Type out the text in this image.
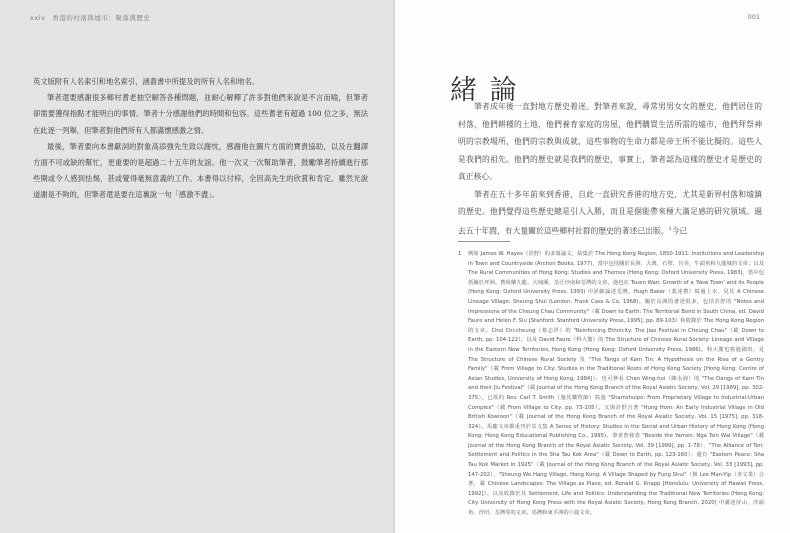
xxiv　香港的村落與墟市：聚落與歷史

英文版附有人名索引和地名索引，涵蓋書中所提及的所有人名和地名。

筆者還要感謝很多鄉村耆老抽空解答各種問題，並耐心解釋了許多對他們來說是不言而喻，但筆者卻需要獲得指點才能明白的事情。筆者十分感謝他們的時間和包容。這些耆老有超過 100 位之多，無法在此逐一列舉，但筆者對他們所有人都滿懷感激之情。

最後，筆者要向本書獻詞的對象高添強先生致以謝忱，感謝他在圖片方面的寶貴協助，以及在翻譯方面不可或缺的幫忙，更重要的是超過二十五年的友誼。他一次又一次幫助筆者，鼓勵筆者持續進行那些開或令人感到怯惕，甚或覺得毫無意義的工作。本書得以付梓，全因高先生的欣賞和肯定。雖然光說道謝是不夠的，但筆者還是要在這裏說一句「感激不盡」。

001
緒 論

筆者成年後一直對地方歷史着迷。對筆者來說，尋常男男女女的歷史，他們居住的村落，他們耕種的土地，他們養育家庭的房屋，他們購買生活所需的墟市，他們拜祭神明的宗教場所，他們的宗教與成就，這些事物的生命力都是帝王所不能比擬的。這些人是我們的祖先。他們的歷史就是我們的歷史，事實上，筆者認為這樣的歷史才是歷史的真正核心。

筆者在五十多年前來到香港，自此一直研究香港的地方史，尤其是新界村落和墟鎮的歷史。他們覺得這些歷史總是引人入勝，而且是個能帶來極大滿足感的研究領域。過去五十年間，有大量關於這些鄉村社群的歷史的著述已出版。$^1$今已

1 例如 James W. Hayes（許舒）的多篇論文，結集於 The Hong Kong Region, 1850-1911: Institutions and Leadership in Town and Countryside (Archon Books, 1977)，當中包括關於長洲、大澳、石壁、且美、牛頭角和九龍城的文章；以及 The Rural Communities of Hong Kong: Studies and Themes (Hong Kong: Oxford University Press, 1983)，當中包括關於坪洲、舊荷蘭九龍、大埔溪、荃汙沙南和荃灣的文章。他也在 Tsuen Wan: Growth of a 'New Town' and its People (Hong Kong: Oxford University Press, 1993) 中詳細論述荃灣。Hugh Baker（裴達禮）寫過上水，見其 A Chinese Lineage Village: Sheung Shui (London: Frank Cass & Co, 1968)。關於長洲的著述很多，包括許舒的 "Notes and Impressions of the Cheung Chau Community"（載 Down to Earth: The Territorial Bond in South China, ed. David Faure and Helen F. Siu [Stanford: Stanford University Press, 1995], pp. 89-103）和收錄於 The Hong Kong Region 的文章。Choi Chi-cheung（蔡志祥）的 "Reinforcing Ethnicity: The Jiao Festival in Cheung Chau"（載 Down to Earth, pp. 104-122）。以及 David Faure（科大衛）的 The Structure of Chinese Rural Society: Lineage and Village in the Eastern New Territories, Hong Kong (Hong Kong: Oxford University Press, 1986)。科大衛也寫過錦田，見 The Structure of Chinese Rural Society 及 "The Tangs of Kam Tin: A Hypothesis on the Rise of a Gentry Family"（載 From Village to City: Studies in the Traditional Roots of Hong Kong Society [Hong Kong: Centre of Asian Studies, University of Hong Kong, 1984]）；也可參看 Chan Wing-hoi（陳永海）的 "The Dangs of Kam Tin and their Jiu Festival"（載 Journal of the Hong Kong Branch of the Royal Asiatic Society, Vol. 29 [1989], pp. 302-375）。已故的 Rev. Carl T. Smith（施其樂牧師）寫過 "Shamshuipo: From Proprietary Village to Industrial-Urban Complex"（載 From Village to City, pp. 73-105）。又與許舒合著 "Hung Hom: An Early Industrial Village in Old British Kowloon"（載 Journal of the Hong Kong Branch of the Royal Asiatic Society, Vol. 15 [1975], pp. 318-324）。馬龐文章都重刊於其文集 A Sense of History: Studies in the Social and Urban History of Hong Kong (Hong Kong: Hong Kong Educational Publishing Co., 1995)。筆者曾發表 "Beside the Yamen: Nga Tsin Wai Village"（載 Journal of the Hong Kong Branch of the Royal Asiatic Society, Vol. 39 [1999], pp. 1-78）、"The Alliance of Ten: Settlement and Politics in the Sha Tau Kok Area"（載 Down to Earth, pp. 123-160）；還有 "Eastern Peace: Sha Tau Kok Market in 1925"（載 Journal of the Hong Kong Branch of the Royal Asiatic Society, Vol. 33 [1993], pp. 147-202）、"Sheung Wo Hang Village, Hong Kong: A Village Shaped by Fung Shui"（與 Lee Man-Yip（李文業）合著，載 Chinese Landscapes: The Village as Place, ed. Ronald G. Knapp [Honolulu: University of Hawaii Press, 1992]）。以及收錄於其 Settlement, Life and Politics: Understanding the Traditional New Territories (Hong Kong: City University of Hong Kong Press with the Royal Asiatic Society, Hong Kong Branch, 2020) 中講述屏山、沙頭角、沙田、荃灣等的文章。馬灣和東平洲的六篇文章。
